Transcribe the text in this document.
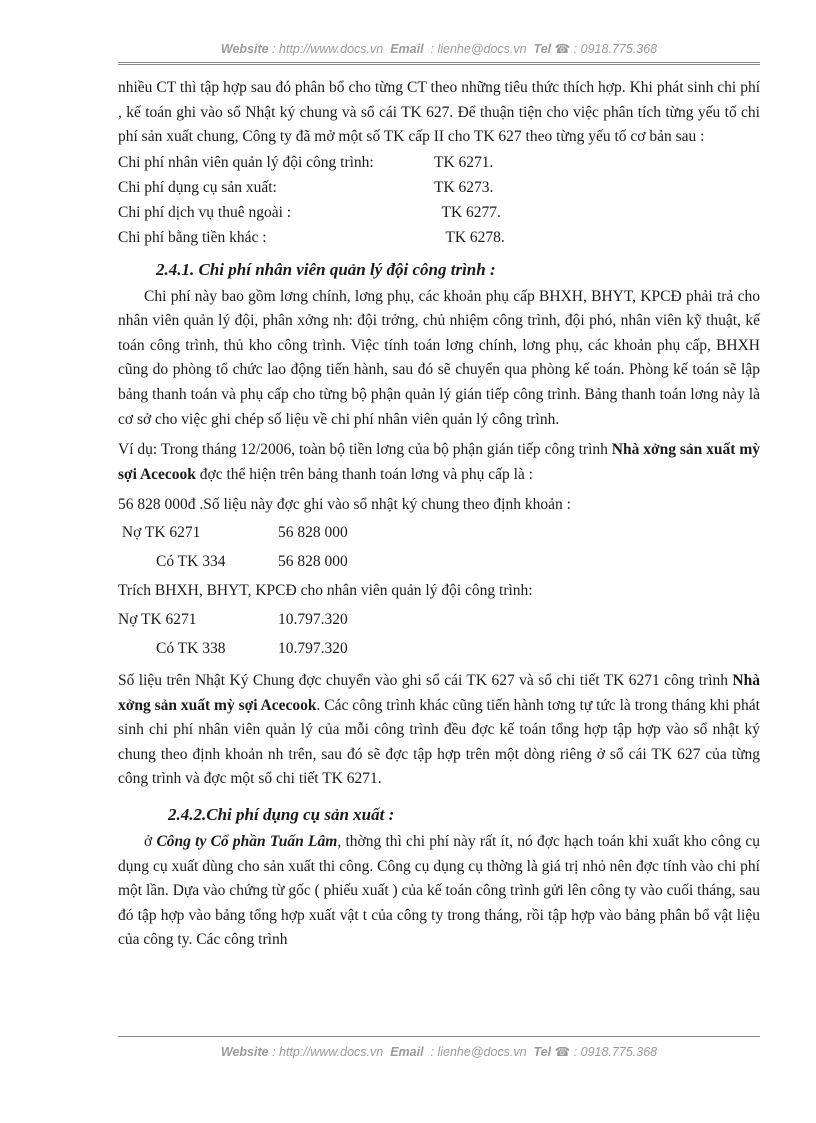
Website : http://www.docs.vn Email : lienhe@docs.vn Tel ☎ : 0918.775.368

nhiều CT thì tập hợp sau đó phân bổ cho từng CT theo những tiêu thức thích hợp. Khi phát sinh chi phí , kế toán ghi vào sổ Nhật ký chung và sổ cái TK 627. Để thuận tiện cho việc phân tích từng yếu tố chi phí sản xuất chung, Công ty đã mở một số TK cấp II cho TK 627 theo từng yếu tố cơ bản sau :

Chi phí nhân viên quản lý đội công trình:	TK 6271.
Chi phí dụng cụ sản xuất:	TK 6273.
Chi phí dịch vụ thuê ngoài :	TK 6277.
Chi phí bằng tiền khác :	TK 6278.
2.4.1. Chi phí nhân viên quản lý đội công trình :

Chi phí này bao gồm lơng chính, lơng phụ, các khoản phụ cấp BHXH, BHYT, KPCĐ phải trả cho nhân viên quản lý đội, phân xởng nh: đội trởng, chủ nhiệm công trình, đội phó, nhân viên kỹ thuật, kế toán công trình, thủ kho công trình. Việc tính toán lơng chính, lơng phụ, các khoản phụ cấp, BHXH cũng do phòng tổ chức lao động tiến hành, sau đó sẽ chuyển qua phòng kế toán. Phòng kế toán sẽ lập bảng thanh toán và phụ cấp cho từng bộ phận quản lý gián tiếp công trình. Bảng thanh toán lơng này là cơ sở cho việc ghi chép số liệu về chi phí nhân viên quản lý công trình.

Ví dụ: Trong tháng 12/2006, toàn bộ tiền lơng của bộ phận gián tiếp công trình Nhà xởng sản xuất mỳ sợi Acecook đợc thể hiện trên bảng thanh toán lơng và phụ cấp là :

56 828 000đ .Số liệu này đợc ghi vào sổ nhật ký chung theo định khoản :

Nợ TK 6271	56 828 000
Có TK 334	56 828 000

Trích BHXH, BHYT, KPCĐ cho nhân viên quản lý đội công trình:

Nợ TK 6271	10.797.320
Có TK 338	10.797.320

Số liệu trên Nhật Ký Chung đợc chuyển vào ghi sổ cái TK 627 và sổ chi tiết TK 6271 công trình Nhà xởng sản xuất mỳ sợi Acecook. Các công trình khác cũng tiến hành tơng tự tức là trong tháng khi phát sinh chi phí nhân viên quản lý của mỗi công trình đều đợc kế toán tổng hợp tập hợp vào sổ nhật ký chung theo định khoản nh trên, sau đó sẽ đợc tập hợp trên một dòng riêng ở sổ cái TK 627 của từng công trình và đợc một sổ chi tiết TK 6271.

2.4.2.Chi phí dụng cụ sản xuất :

ở Công ty Cổ phần Tuấn Lâm, thờng thì chi phí này rất ít, nó đợc hạch toán khi xuất kho công cụ dụng cụ xuất dùng cho sản xuất thi công. Công cụ dụng cụ thờng là giá trị nhỏ nên đợc tính vào chi phí một lần. Dựa vào chứng từ gốc ( phiếu xuất ) của kế toán công trình gửi lên công ty vào cuối tháng, sau đó tập hợp vào bảng tổng hợp xuất vật t của công ty trong tháng, rồi tập hợp vào bảng phân bổ vật liệu của công ty. Các công trình

Website : http://www.docs.vn Email : lienhe@docs.vn Tel ☎ : 0918.775.368
